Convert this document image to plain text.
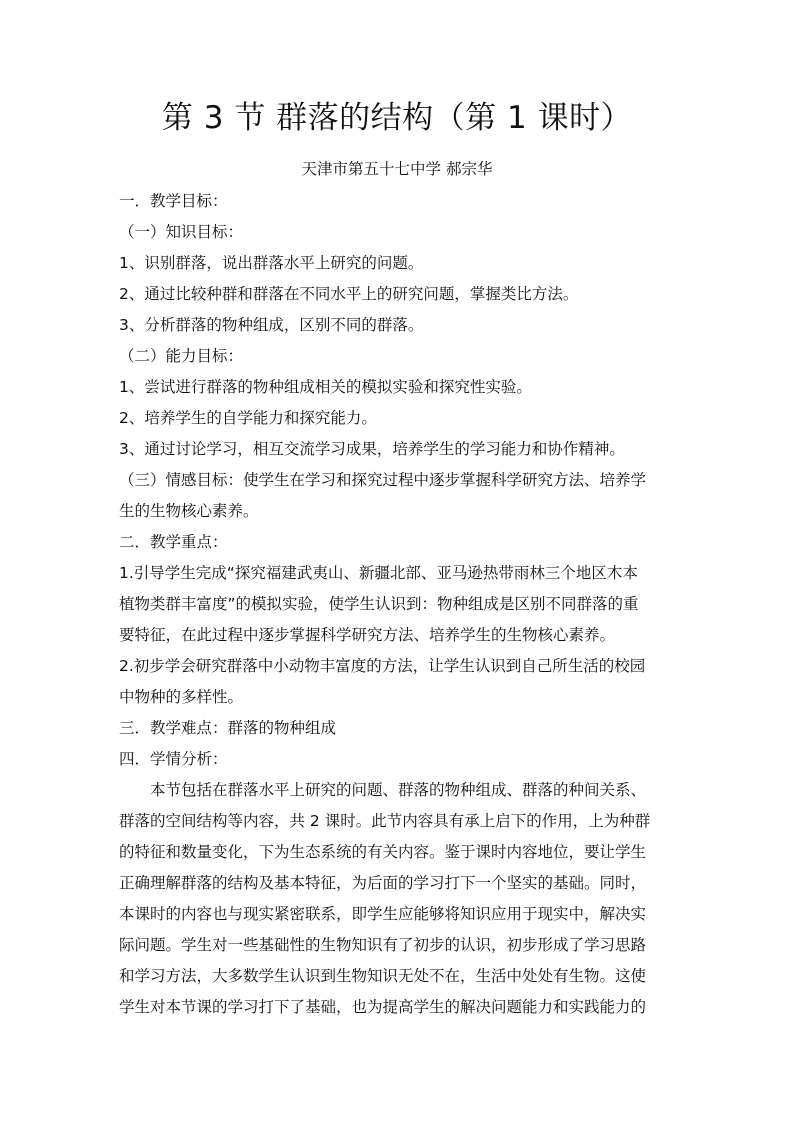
第 3 节 群落的结构（第 1 课时）
天津市第五十七中学 郝宗华
一．教学目标：
（一）知识目标：
1、识别群落，说出群落水平上研究的问题。
2、通过比较种群和群落在不同水平上的研究问题，掌握类比方法。
3、分析群落的物种组成，区别不同的群落。
（二）能力目标：
1、尝试进行群落的物种组成相关的模拟实验和探究性实验。
2、培养学生的自学能力和探究能力。
3、通过讨论学习，相互交流学习成果，培养学生的学习能力和协作精神。
（三）情感目标：使学生在学习和探究过程中逐步掌握科学研究方法、培养学
生的生物核心素养。
二．教学重点：
1.引导学生完成“探究福建武夷山、新疆北部、亚马逊热带雨林三个地区木本
植物类群丰富度”的模拟实验，使学生认识到：物种组成是区别不同群落的重
要特征，在此过程中逐步掌握科学研究方法、培养学生的生物核心素养。
2.初步学会研究群落中小动物丰富度的方法，让学生认识到自己所生活的校园
中物种的多样性。
三．教学难点：群落的物种组成
四．学情分析：
本节包括在群落水平上研究的问题、群落的物种组成、群落的种间关系、
群落的空间结构等内容，共 2 课时。此节内容具有承上启下的作用，上为种群
的特征和数量变化，下为生态系统的有关内容。鉴于课时内容地位，要让学生
正确理解群落的结构及基本特征，为后面的学习打下一个坚实的基础。同时，
本课时的内容也与现实紧密联系，即学生应能够将知识应用于现实中，解决实
际问题。学生对一些基础性的生物知识有了初步的认识，初步形成了学习思路
和学习方法，大多数学生认识到生物知识无处不在，生活中处处有生物。这使
学生对本节课的学习打下了基础，也为提高学生的解决问题能力和实践能力的
